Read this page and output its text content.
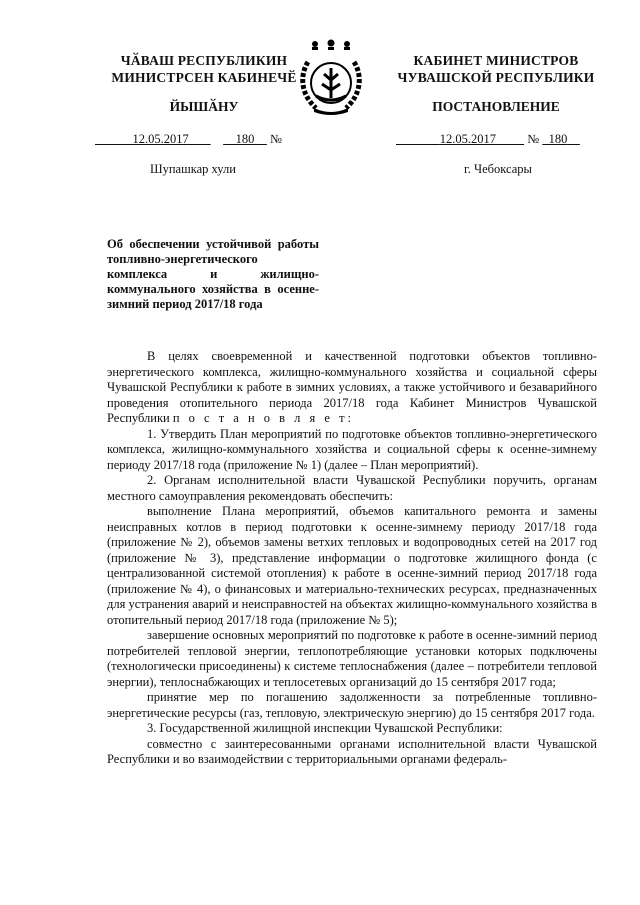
ЧӐВАШ РЕСПУБЛИКИН
МИНИСТРСЕН КАБИНЕЧӖ
ЙЫШӐНУ
КАБИНЕТ МИНИСТРОВ
ЧУВАШСКОЙ РЕСПУБЛИКИ
ПОСТАНОВЛЕНИЕ
12.05.2017	180 №	12.05.2017	№ 180
Шупашкар хули	г. Чебоксары
Об обеспечении устойчивой работы топливно-энергетического комплекса и жилищно-коммунального хозяйства в осенне-зимний период 2017/18 года

В целях своевременной и качественной подготовки объектов топливно-энергетического комплекса, жилищно-коммунального хозяйства и социальной сферы Чувашской Республики к работе в зимних условиях, а также устойчивого и безаварийного проведения отопительного периода 2017/18 года Кабинет Министров Чувашской Республики п о с т а н о в л я е т:

1. Утвердить План мероприятий по подготовке объектов топливно-энергетического комплекса, жилищно-коммунального хозяйства и социальной сферы к осенне-зимнему периоду 2017/18 года (приложение № 1) (далее – План мероприятий).

2. Органам исполнительной власти Чувашской Республики поручить, органам местного самоуправления рекомендовать обеспечить:

выполнение Плана мероприятий, объемов капитального ремонта и замены неисправных котлов в период подготовки к осенне-зимнему периоду 2017/18 года (приложение № 2), объемов замены ветхих тепловых и водопроводных сетей на 2017 год (приложение № 3), представление информации о подготовке жилищного фонда (с централизованной системой отопления) к работе в осенне-зимний период 2017/18 года (приложение № 4), о финансовых и материально-технических ресурсах, предназначенных для устранения аварий и неисправностей на объектах жилищно-коммунального хозяйства в отопительный период 2017/18 года (приложение № 5);

завершение основных мероприятий по подготовке к работе в осенне-зимний период потребителей тепловой энергии, теплопотребляющие установки которых подключены (технологически присоединены) к системе теплоснабжения (далее – потребители тепловой энергии), теплоснабжающих и теплосетевых организаций до 15 сентября 2017 года;

принятие мер по погашению задолженности за потребленные топливно-энергетические ресурсы (газ, тепловую, электрическую энергию) до 15 сентября 2017 года.

3. Государственной жилищной инспекции Чувашской Республики:

совместно с заинтересованными органами исполнительной власти Чувашской Республики и во взаимодействии с территориальными органами федераль-
